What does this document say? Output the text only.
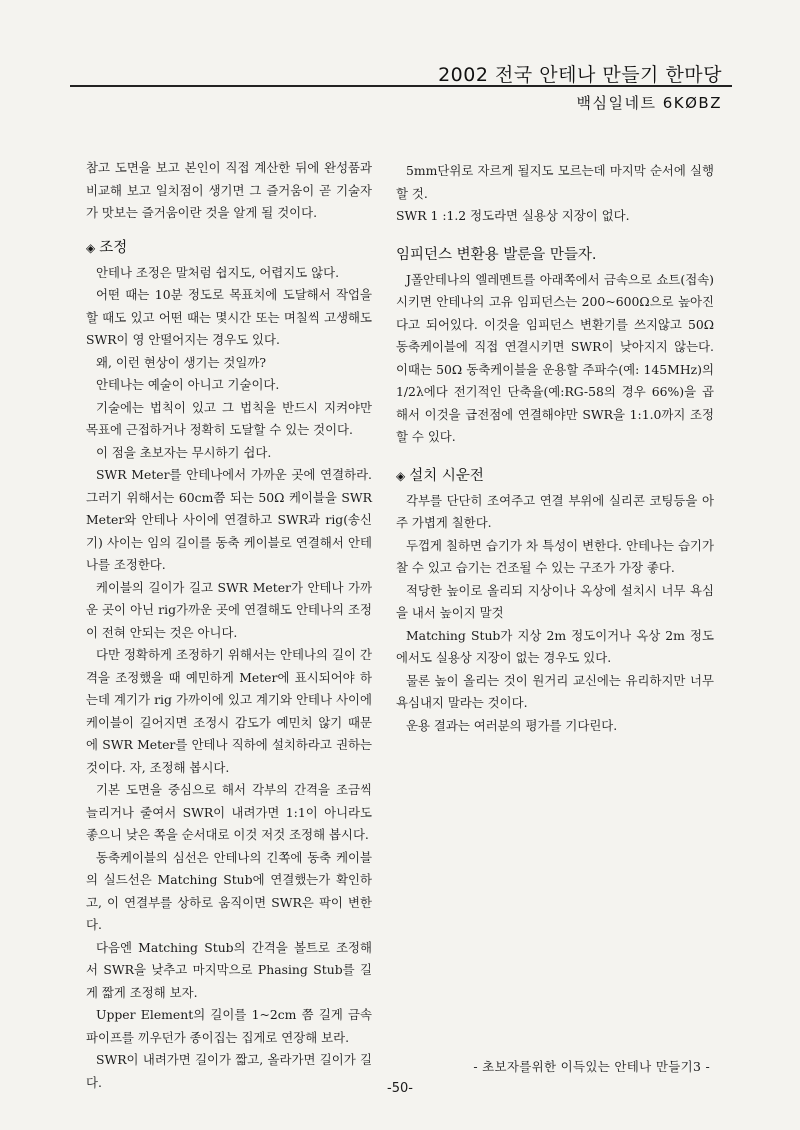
2002 전국 안테나 만들기 한마당
백심일네트 6KØBZ

참고 도면을 보고 본인이 직접 계산한 뒤에 완성품과 비교해 보고 일치점이 생기면 그 즐거움이 곧 기술자가 맛보는 즐거움이란 것을 알게 될 것이다.

◈ 조정

안테나 조정은 말처럼 쉽지도, 어렵지도 않다.

어떤 때는 10분 정도로 목표치에 도달해서 작업을 할 때도 있고 어떤 때는 몇시간 또는 며칠씩 고생해도 SWR이 영 안떨어지는 경우도 있다.

왜, 이런 현상이 생기는 것일까?

안테나는 예술이 아니고 기술이다.

기술에는 법칙이 있고 그 법칙을 반드시 지켜야만 목표에 근접하거나 정확히 도달할 수 있는 것이다.

이 점을 초보자는 무시하기 쉽다.

SWR Meter를 안테나에서 가까운 곳에 연결하라. 그러기 위해서는 60cm쯤 되는 50Ω 케이블을 SWR Meter와 안테나 사이에 연결하고 SWR과 rig(송신기) 사이는 임의 길이를 동축 케이블로 연결해서 안테나를 조정한다.

케이블의 길이가 길고 SWR Meter가 안테나 가까운 곳이 아닌 rig가까운 곳에 연결해도 안테나의 조정이 전혀 안되는 것은 아니다.

다만 정확하게 조정하기 위해서는 안테나의 길이 간격을 조정했을 때 예민하게 Meter에 표시되어야 하는데 계기가 rig 가까이에 있고 계기와 안테나 사이에 케이블이 길어지면 조정시 감도가 예민치 않기 때문에 SWR Meter를 안테나 직하에 설치하라고 권하는 것이다. 자, 조정해 봅시다.

기본 도면을 중심으로 해서 각부의 간격을 조금씩 늘리거나 줄여서 SWR이 내려가면 1:1이 아니라도 좋으니 낮은 쪽을 순서대로 이것 저것 조정해 봅시다.

동축케이블의 심선은 안테나의 긴쪽에 동축 케이블의 실드선은 Matching Stub에 연결했는가 확인하고, 이 연결부를 상하로 움직이면 SWR은 팍이 변한다.

다음엔 Matching Stub의 간격을 볼트로 조정해서 SWR을 낮추고 마지막으로 Phasing Stub를 길게 짧게 조정해 보자.

Upper Element의 길이를 1~2cm 쯤 길게 금속파이프를 끼우던가 종이집는 집게로 연장해 보라.

SWR이 내려가면 길이가 짧고, 올라가면 길이가 길다.

5mm단위로 자르게 될지도 모르는데 마지막 순서에 실행할 것.

SWR 1 :1.2 정도라면 실용상 지장이 없다.

임피던스 변환용 발룬을 만들자.

J폴안테나의 엘레멘트를 아래쪽에서 금속으로 쇼트(접속) 시키면 안테나의 고유 임피던스는 200~600Ω으로 높아진다고 되어있다. 이것을 임피던스 변환기를 쓰지않고 50Ω 동축케이블에 직접 연결시키면 SWR이 낮아지지 않는다. 이때는 50Ω 동축케이블을 운용할 주파수(예: 145MHz)의 1/2λ에다 전기적인 단축율(예:RG-58의 경우 66%)을 곱해서 이것을 급전점에 연결해야만 SWR을 1:1.0까지 조정할 수 있다.

◈ 설치 시운전

각부를 단단히 조여주고 연결 부위에 실리콘 코팅등을 아주 가볍게 칠한다.

두껍게 칠하면 습기가 차 특성이 변한다. 안테나는 습기가 찰 수 있고 습기는 건조될 수 있는 구조가 가장 좋다.

적당한 높이로 올리되 지상이나 옥상에 설치시 너무 욕심을 내서 높이지 말것

Matching Stub가 지상 2m 정도이거나 옥상 2m 정도에서도 실용상 지장이 없는 경우도 있다.

물론 높이 올리는 것이 원거리 교신에는 유리하지만 너무 욕심내지 말라는 것이다.

운용 결과는 여러분의 평가를 기다린다.

- 초보자를위한 이득있는 안테나 만들기3 -
-50-
